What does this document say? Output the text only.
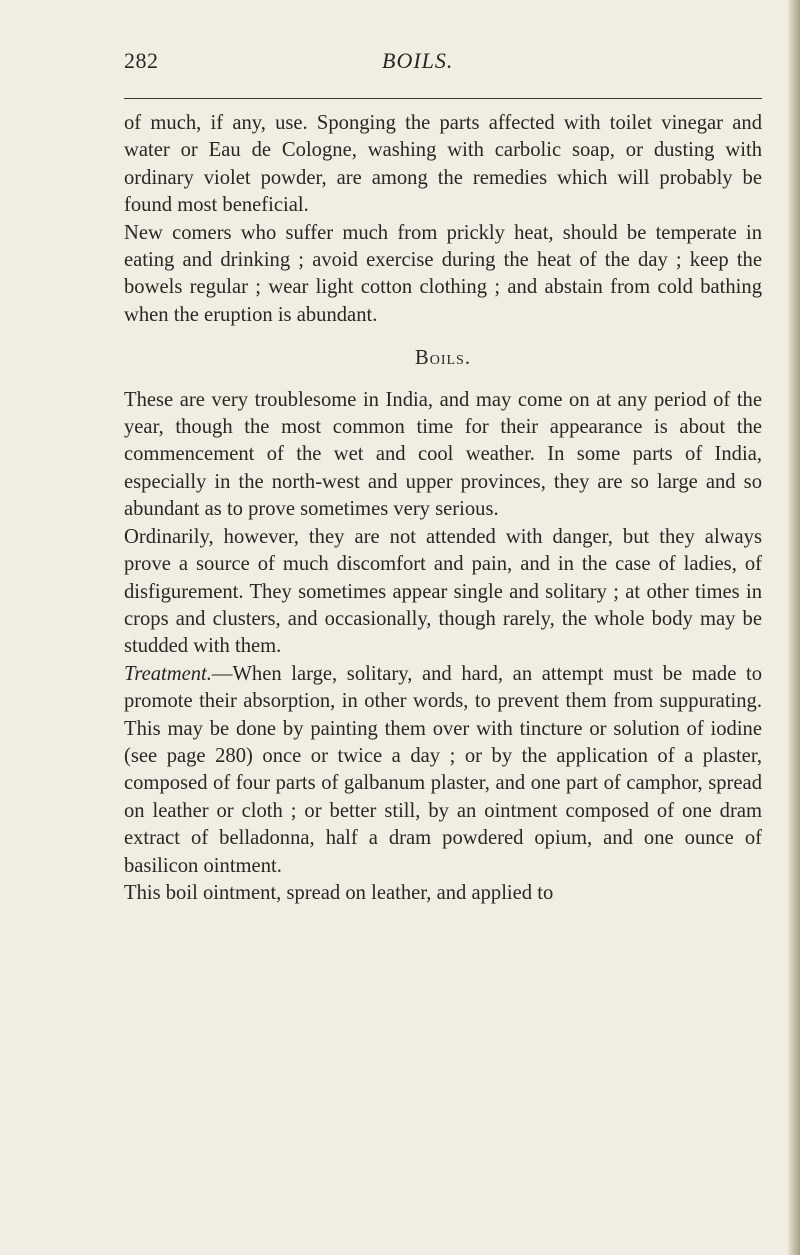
282	BOILS.

of much, if any, use. Sponging the parts affected with toilet vinegar and water or Eau de Cologne, washing with carbolic soap, or dusting with ordinary violet powder, are among the remedies which will probably be found most beneficial.

New comers who suffer much from prickly heat, should be temperate in eating and drinking ; avoid exercise during the heat of the day ; keep the bowels regular ; wear light cotton clothing ; and abstain from cold bathing when the eruption is abundant.

Boils.

These are very troublesome in India, and may come on at any period of the year, though the most common time for their appearance is about the commencement of the wet and cool weather. In some parts of India, especially in the north-west and upper provinces, they are so large and so abundant as to prove sometimes very serious.

Ordinarily, however, they are not attended with danger, but they always prove a source of much discomfort and pain, and in the case of ladies, of disfigurement. They sometimes appear single and solitary ; at other times in crops and clusters, and occasionally, though rarely, the whole body may be studded with them.

Treatment.—When large, solitary, and hard, an attempt must be made to promote their absorption, in other words, to prevent them from suppurating. This may be done by painting them over with tincture or solution of iodine (see page 280) once or twice a day ; or by the application of a plaster, composed of four parts of galbanum plaster, and one part of camphor, spread on leather or cloth ; or better still, by an ointment composed of one dram extract of belladonna, half a dram powdered opium, and one ounce of basilicon ointment.

This boil ointment, spread on leather, and applied to
